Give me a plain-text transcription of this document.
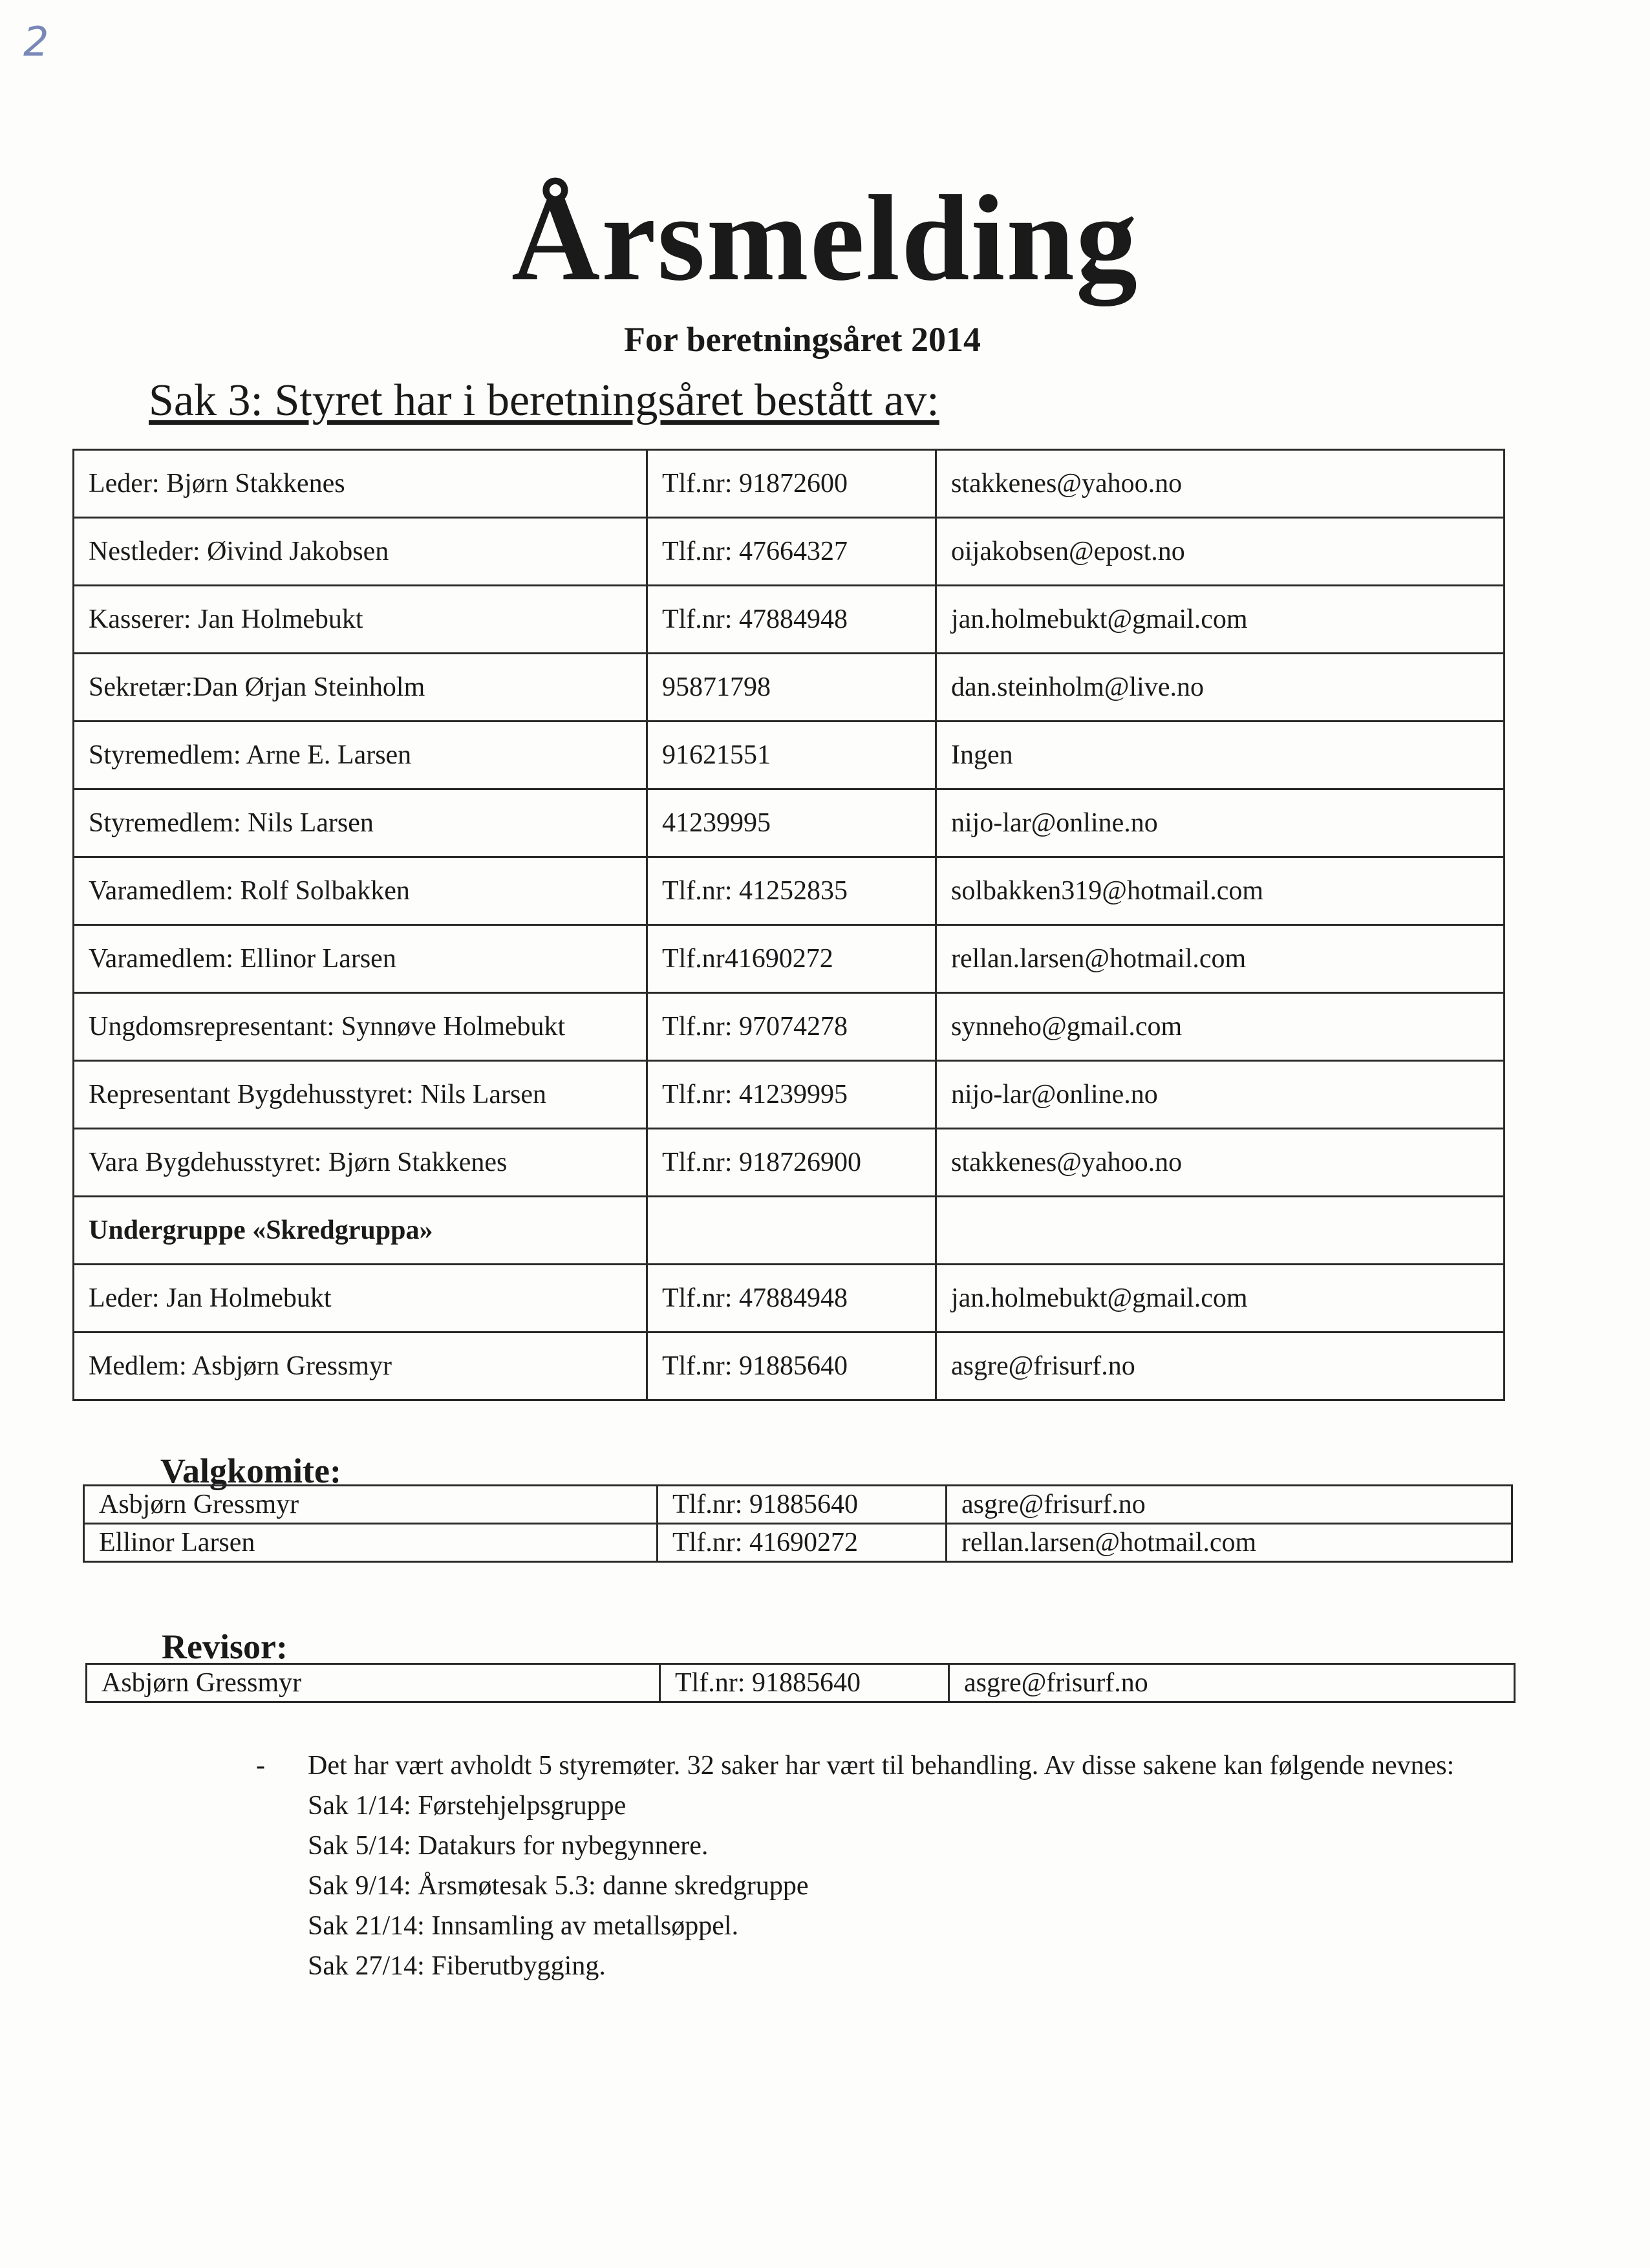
2
Årsmelding
For beretningsåret 2014
Sak 3: Styret har i beretningsåret bestått av:
Leder: Bjørn Stakkenes	Tlf.nr: 91872600	stakkenes@yahoo.no
Nestleder: Øivind Jakobsen	Tlf.nr: 47664327	oijakobsen@epost.no
Kasserer: Jan Holmebukt	Tlf.nr: 47884948	jan.holmebukt@gmail.com
Sekretær:Dan Ørjan Steinholm	95871798	dan.steinholm@live.no
Styremedlem: Arne E. Larsen	91621551	Ingen
Styremedlem: Nils Larsen	41239995	nijo-lar@online.no
Varamedlem: Rolf Solbakken	Tlf.nr: 41252835	solbakken319@hotmail.com
Varamedlem: Ellinor Larsen	Tlf.nr41690272	rellan.larsen@hotmail.com
Ungdomsrepresentant: Synnøve Holmebukt	Tlf.nr: 97074278	synneho@gmail.com
Representant Bygdehusstyret: Nils Larsen	Tlf.nr: 41239995	nijo-lar@online.no
Vara Bygdehusstyret: Bjørn Stakkenes	Tlf.nr: 918726900	stakkenes@yahoo.no
Undergruppe «Skredgruppa»		
Leder: Jan Holmebukt	Tlf.nr: 47884948	jan.holmebukt@gmail.com
Medlem: Asbjørn Gressmyr	Tlf.nr: 91885640	asgre@frisurf.no
Valgkomite:
Asbjørn Gressmyr	Tlf.nr: 91885640	asgre@frisurf.no
Ellinor Larsen	Tlf.nr: 41690272	rellan.larsen@hotmail.com
Revisor:
Asbjørn Gressmyr	Tlf.nr: 91885640	asgre@frisurf.no
- Det har vært avholdt 5 styremøter. 32 saker har vært til behandling. Av disse sakene kan følgende nevnes:
Sak 1/14: Førstehjelpsgruppe
Sak 5/14: Datakurs for nybegynnere.
Sak 9/14: Årsmøtesak 5.3: danne skredgruppe
Sak 21/14: Innsamling av metallsøppel.
Sak 27/14: Fiberutbygging.
